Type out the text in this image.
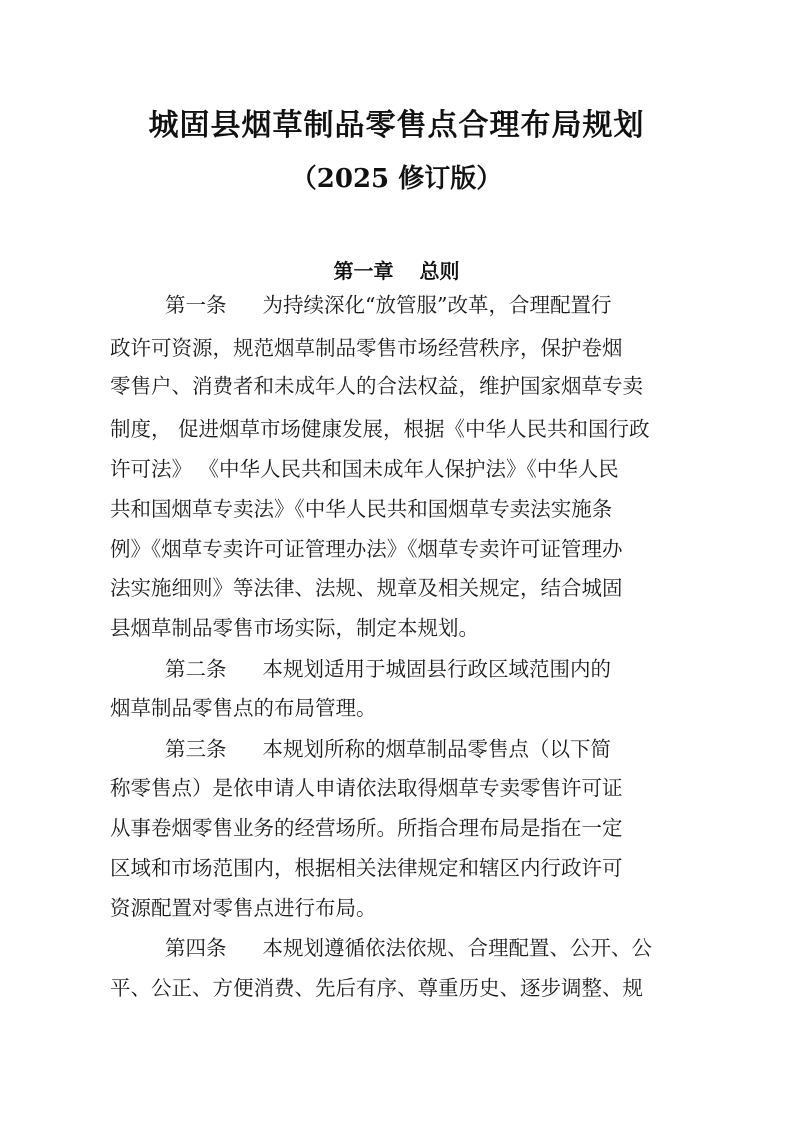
城固县烟草制品零售点合理布局规划
（2025 修订版）
第一章 总则
第一条 为持续深化“放管服”改革，合理配置行
政许可资源，规范烟草制品零售市场经营秩序，保护卷烟
零售户、消费者和未成年人的合法权益，维护国家烟草专卖
制度， 促进烟草市场健康发展，根据《中华人民共和国行政
许可法》 《中华人民共和国未成年人保护法》《中华人民
共和国烟草专卖法》《中华人民共和国烟草专卖法实施条
例》《烟草专卖许可证管理办法》《烟草专卖许可证管理办
法实施细则》等法律、法规、规章及相关规定，结合城固
县烟草制品零售市场实际，制定本规划。
第二条 本规划适用于城固县行政区域范围内的
烟草制品零售点的布局管理。
第三条 本规划所称的烟草制品零售点（以下简
称零售点）是依申请人申请依法取得烟草专卖零售许可证
从事卷烟零售业务的经营场所。所指合理布局是指在一定
区域和市场范围内，根据相关法律规定和辖区内行政许可
资源配置对零售点进行布局。
第四条 本规划遵循依法依规、合理配置、公开、公
平、公正、方便消费、先后有序、尊重历史、逐步调整、规
